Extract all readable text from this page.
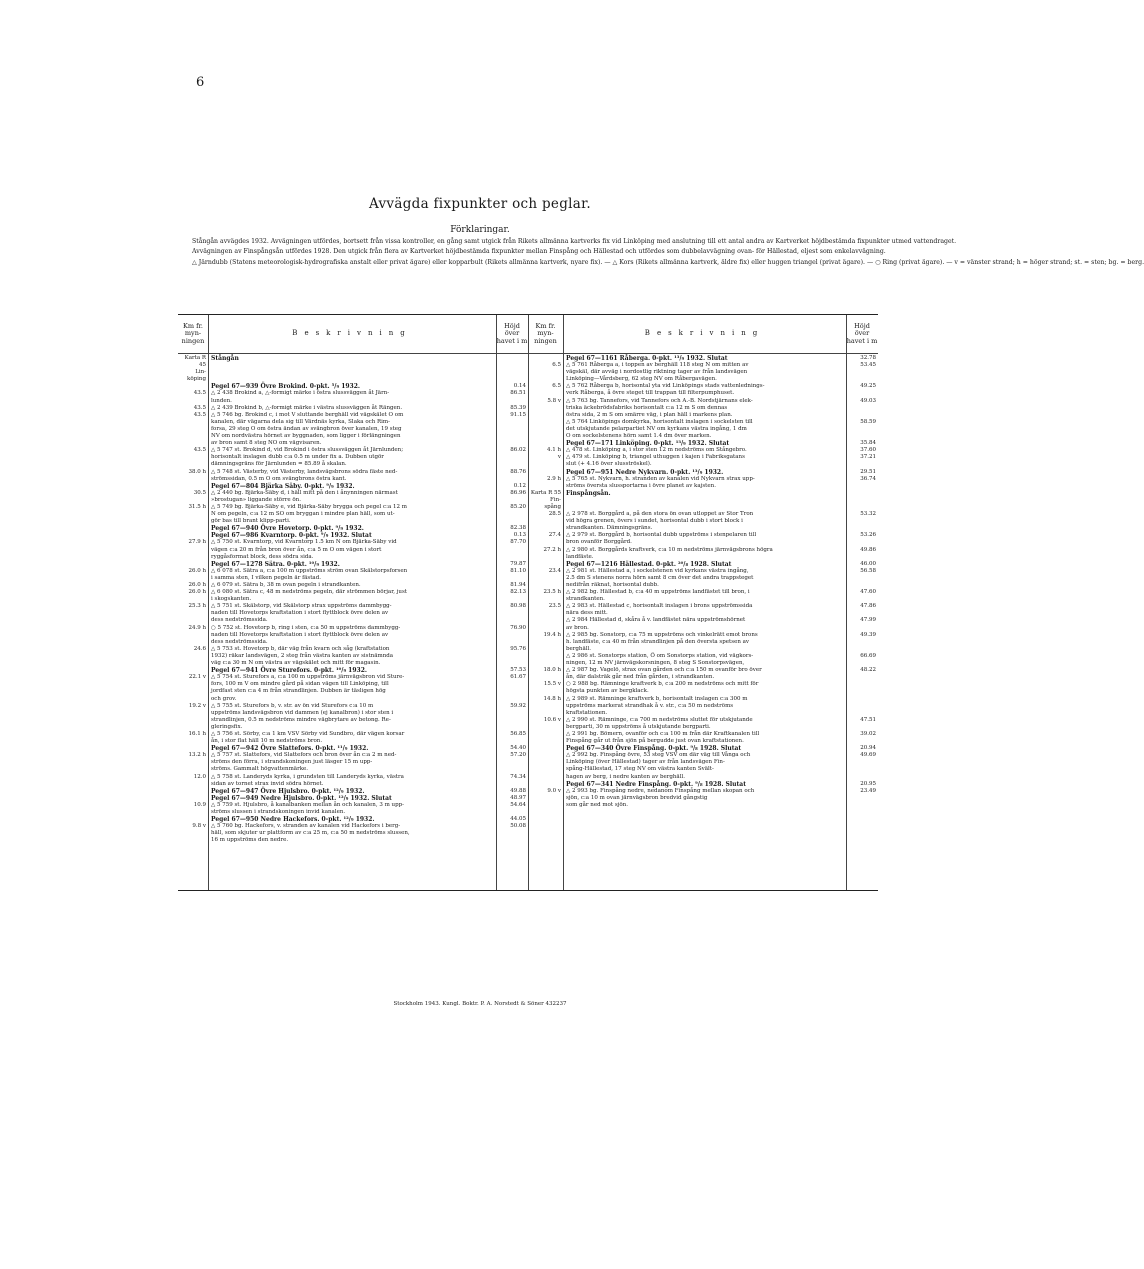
6
Avvägda fixpunkter och peglar.
Förklaringar.

Stångån avvägdes 1932. Avvägningen utfördes, bortsett från vissa kontroller, en gång samt utgick från Rikets allmänna kartverks fix vid Linköping med anslutning till ett antal andra av Kartverket höjdbestämda fixpunkter utmed vattendraget.

Avvägningen av Finspångsån utfördes 1928. Den utgick från flera av Kartverket höjdbestämda fixpunkter mellan Finspång och Hällestad och utfördes som dubbelavvägning ovan- för Hällestad, eljest som enkelavvägning.

△ Järndubb (Statens meteorologisk-hydrografiska anstalt eller privat ägare) eller kopparbult (Rikets allmänna kartverk, nyare fix). — △ Kors (Rikets allmänna kartverk, äldre fix) eller huggen triangel (privat ägare). — ○ Ring (privat ägare). — v = vänster strand; h = höger strand; st. = sten; bg. = berg.

Km fr. myn- ningen
Beskrivning
Höjd över havet i m
Km fr. myn- ningen
Beskrivning
Höjd över havet i m
Karta R 45
Stångån
Lin-
köping
Pegel 67—939 Övre Brokind. 0-pkt. ⁵/₉ 1932.	0.14
43.5 △ 2 438 Brokind a, △-formigt märke i östra slussväggen åt Järn-	86.51
lunden.
43.5 △ 2 439 Brokind b, △-formigt märke i västra slussväggen åt Rängen.	85.39
43.5 △ 5 746 bg. Brokind c, i mot V sluttande berghäll vid vägskälet O om	91.15
kanalen, där vägarna dela sig till Värdnäs kyrka, Slaka och Rim-
forsa, 29 steg O om östra ändan av svängbron över kanalen, 19 steg
NV om nordvästra hörnet av byggnaden, som ligger i förlängningen
av bron samt 8 steg NO om vägvisaren.
43.5 △ 5 747 st. Brokind d, vid Brokind i östra slussväggen åt Järnlunden;	86.02
horisontalt inslagen dubb c:a 0.5 m under fix a. Dubben utgör
dämningsgräns för Järnlunden = 85.89 å skalan.
38.0 h △ 5 748 st. Västerby, vid Västerby, landsvägsbrons södra fäste ned-	88.76
strömssidan, 0.5 m O om svängbrons östra kant.
Pegel 67—804 Bjärka Säby. 0-pkt. ⁹/₉ 1932.	0.12
30.5 △ 2 440 bg. Bjärka-Säby d, i häll mitt på den i ånynningen närmast	86.96
»brostugan» liggande större ön.
31.5 h △ 5 749 bg. Bjärka-Säby e, vid Bjärka-Säby brygga och pegel c:a 12 m	85.20
N om pegeln, c:a 12 m SO om bryggan i mindre plan häll, som ut-
gör bas till brant klipp-parti.
Pegel 67—940 Övre Hovetorp. 0-pkt. ⁹/₉ 1932.	82.38
Pegel 67—986 Kvarntorp. 0-pkt. ⁹/₉ 1932. Slutat	0.13
27.9 h △ 5 750 st. Kvarntorp, vid Kvarntorp 1.5 km N om Bjärka-Säby vid	87.70
vägen c:a 20 m från bron över ån, c:a 5 m O om vägen i stort
ryggåsformat block, dess södra sida.
Pegel 67—1278 Sätra. 0-pkt. ¹⁰/₉ 1932.	79.87
26.0 h △ 6 078 st. Sätra a, c:a 100 m uppströms ström ovan Skälstorpsforsen	81.10
i samma sten, I vilken pegeln är fästad.
26.0 h △ 6 079 st. Sätra b, 38 m ovan pegeln i strandkanten.	81.94
26.0 h △ 6 080 st. Sätra c, 48 m nedströms pegeln, där strömmen börjar, just	82.13
i skogskanten.
25.3 h △ 5 751 st. Skälstorp, vid Skälstorp strax uppströms dammbygg-	80.98
naden till Hovetorps kraftstation i stort flyttblock övre delen av
dess nedströmssida.
24.9 h ○ 5 752 st. Hovetorp b, ring i sten, c:a 50 m uppströms dammbygg-	76.90
naden till Hovetorps kraftstation i stort flyttblock övre delen av
dess nedströmssida.
24.6 △ 5 753 st. Hovetorp b, där väg från kvarn och såg (kraftstation	95.76
1932) räkar landsvägen, 2 steg från västra kanten av sistnämnda
väg c:a 30 m N om västra av vägskälet och mitt för magasin.
Pegel 67—941 Övre Sturefors. 0-pkt. ¹⁰/₉ 1932.	57.53
22.1 v △ 5 754 st. Sturefors a, c:a 100 m uppströms järnvägsbron vid Sture-	61.67
fors, 100 m V om mindre gård på sidan vägen till Linköping, till
jordfast sten c:a 4 m från strandlinjen. Dubben är täsligen hög
och grov.
19.2 v △ 5 755 st. Sturefors b, v. str. av ön vid Sturefors c:a 10 m	59.92
uppströms landsvägsbron vid dammen (ej kanalbron) i stor sten i
strandlinjen, 0.5 m nedströms mindre vägbrytare av betong. Re-
gleringsfix.
16.1 h △ 5 756 st. Sörby, c:a 1 km VSV Sörby vid Sundbro, där vägen korsar	56.85
ån, i stor flat häll 10 m nedströms bron.
Pegel 67—942 Övre Slattefors. 0-pkt. ¹¹/₉ 1932.	54.40
13.2 h △ 5 757 st. Slattefors, vid Slattefors och bron över ån c:a 2 m ned-	57.20
ströms den förra, i strandskoningen just läsger 15 m upp-
ströms. Gammalt högvattenmärke.
12.0 △ 5 758 st. Landeryds kyrka, i grundsten till Landeryds kyrka, västra	74.34
sidan av tornet strax invid södra hörnet.
Pegel 67—947 Övre Hjulsbro. 0-pkt. ¹²/₉ 1932.	49.88
Pegel 67—949 Nedre Hjulsbro. 0-pkt. ¹²/₉ 1932. Slutat	48.97
10.9 △ 5 759 st. Hjulsbro, å kanalbanken mellan ån och kanalen, 3 m upp-	54.64
ströms slussen i strandskoningen invid kanalen.
Pegel 67—950 Nedre Hackefors. 0-pkt. ¹²/₉ 1932.	44.05
9.8 v △ 5 760 bg. Hackefors, v. stranden av kanalen vid Hackefors i berg-	50.08
häll, som skjuter ur plattform av c:a 25 m, c:a 50 m nedströms slussen,
16 m uppströms den nedre.
Pegel 67—1161 Råberga. 0-pkt. ¹³/₉ 1932. Slutat	32.78
6.5 △ 5 761 Råberga a, i toppen av berghäll 118 steg N om mitten av	53.45
vägskäl, där avväg i nordostlig riktning tager av från landsvägen
Linköping—Vårdsberg, 62 steg NV om Råbergavägen.
6.5 △ 5 762 Råberga b, horisontal yta vid Linköpings stads vattenlednings-	49.25
verk Råberga, å övre steget till trappan till filterpumphuset.
5.8 v △ 5 763 bg. Tannefors, vid Tannefors och A.-B. Nordstjärnans elek-	49.03
triska äckebrödsfabriks horisontalt c:a 12 m S om dennas
östra sida, 2 m S om smärre väg, i plan häll i markens plan.
△ 5 764 Linköpings domkyrka, horisontalt inslagen i sockelsten till	58.59
det utskjutande pelarpartiet NV om kyrkans västra ingång, 1 dm
O om sockelstenens hörn samt 1.4 dm över marken.
Pegel 67—171 Linköping. 0-pkt. ¹³/₉ 1932. Slutat	35.84
4.1 h △ 478 st. Linköping a, i stor sten 12 m nedströms om Stångebro.	37.60
v △ 479 st. Linköping b, triangel uthuggen i kajen i Fabriksgatans	37.21
slut (+ 4.16 över slusströskel).
Pegel 67—951 Nedre Nykvarn. 0-pkt. ¹³/₉ 1932.	29.51
2.9 h △ 5 765 st. Nykvarn, h. stranden av kanalen vid Nykvarn strax upp-	36.74
ströms översta slussportarna i övre planet av kajsten.
Karta R 55 Finspångsån.
Fin-
spång
28.5 △ 2 978 st. Borggård a, på den stora ön ovan utloppet av Stor Tron	53.32
vid högra grenen, övers i sundet, horisontal dubb i stort block i
strandkanten. Dämningsgräns.
27.4 △ 2 979 st. Borggård b, horisontal dubb uppströms i stenpelaren till	53.26
bron ovanför Borggård.
27.2 h △ 2 980 st. Borggårds kraftverk, c:a 10 m nedströms järnvägsbrons högra	49.86
landfäste.
Pegel 67—1216 Hällestad. 0-pkt. ²⁰/₈ 1928. Slutat	46.00
23.4 △ 2 981 st. Hällestad a, i sockelstenen vid kyrkans västra ingång,	56.58
2.5 dm S stenens norra hörn samt 8 cm över det andra trappsteget
nedifrån räknat, horisontal dubb.
23.5 h △ 2 982 bg. Hällestad b, c:a 40 m uppströms landfästet till bron, i	47.60
strandkanten.
23.5 △ 2 983 st. Hällestad c, horisontalt inslagen i brons uppströmssida	47.86
nära dess mitt.
△ 2 984 Hällestad d, skåra å v. landfästet nära uppströmshörnet	47.99
av bron.
19.4 h △ 2 985 bg. Sonstorp, c:a 75 m uppströms och vinkelrätt emot brons	49.39
h. landfäste, c:a 40 m från strandlinjen på den översta spetsen av
berghäll.
△ 2 986 st. Sonstorps station, Ö om Sonstorps station, vid vägkors-	66.69
ningen, 12 m NV järnvägskorsningen, 8 steg S Sonstorpsvägen,
18.0 h △ 2 987 bg. Vagelö, strax ovan gården och c:a 150 m ovanför bro över	48.22
ån, där dalsträk går ned från gården, i strandkanten.
15.5 v ○ 2 988 bg. Rämninge kraftverk b, c:a 200 m nedströms och mitt för
högsta punkten av bergklack.
14.8 h △ 2 989 st. Rämninge kraftverk b, horisontalt inslagen c:a 300 m
uppströms markerat strandhak å v. str., c:a 50 m nedströms
kraftstationen.
10.6 v △ 2 990 st. Rämninge, c:a 700 m nedströms sluttet för utskjutande	47.51
bergparti, 30 m uppströms å utskjutande bergparti.
△ 2 991 bg. Bömern, ovanför och c:a 100 m från där Kraftkanalen till	39.02
Finspång går ut från sjön på bergudde just ovan kraftstationen.
Pegel 67—340 Övre Finspång. 0-pkt. ⁹/₈ 1928. Slutat	20.94
△ 2 992 bg. Finspång övre, 53 steg VSV om där väg till Vånga och	49.69
Linköping (över Hällestad) tager av från landsvägen Fin-
spång-Hällestad, 17 steg NV om västra kanten Svält-
hagen av berg, i nedre kanten av berghäll.
Pegel 67—341 Nedre Finspång. 0-pkt. ⁹/₈ 1928. Slutat	20.95
9.0 v △ 2 993 bg. Finspång nedre, nedanom Finspång mellan skopan och	23.49
sjön, c:a 10 m ovan järnvägsbron bredvid gångstig
som går ned mot sjön.
Stockholm 1943. Kungl. Boktr. P. A. Norstedt & Söner 432237
